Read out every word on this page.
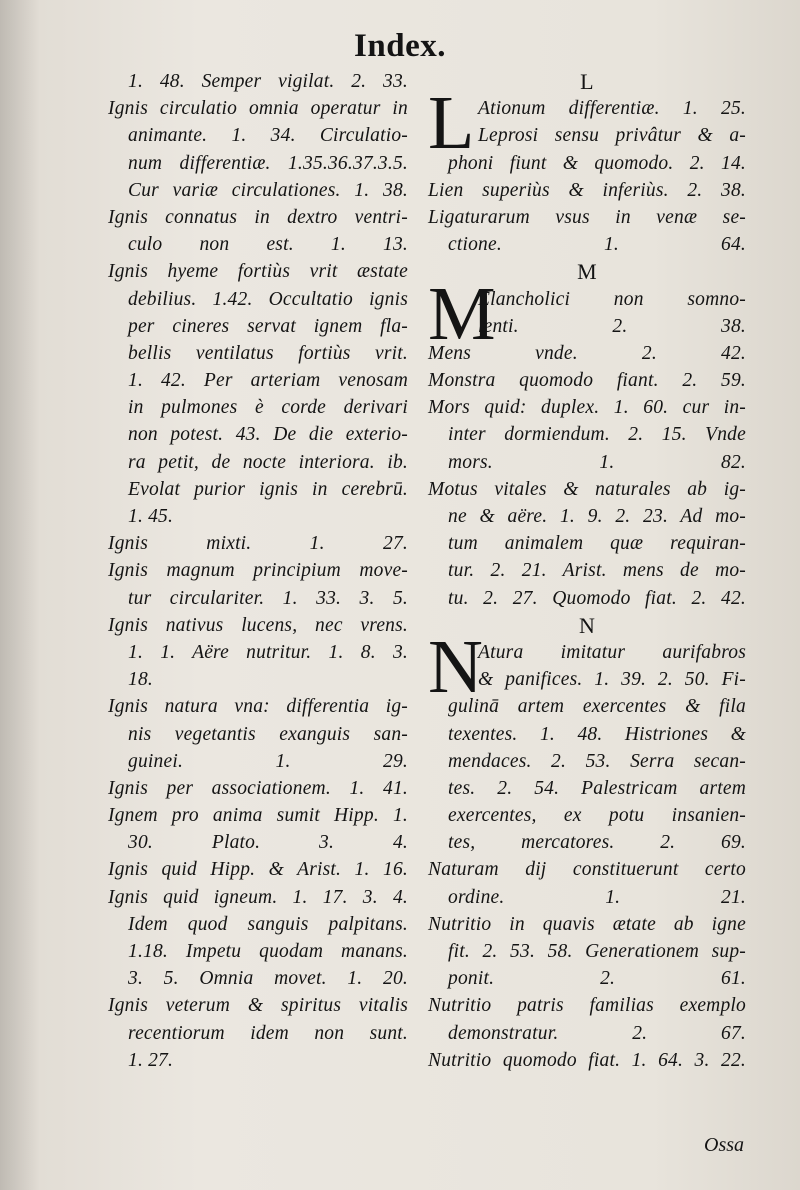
Index.
1. 48. Semper vigilat. 2. 33.
Ignis circulatio omnia operatur in
animante. 1. 34. Circulatio-
num differentiæ. 1.35.36.37.3.5.
Cur variæ circulationes. 1. 38.
Ignis connatus in dextro ventri-
culo non est. 1. 13.
Ignis hyeme fortiùs vrit æstate
debilius. 1.42. Occultatio ignis
per cineres servat ignem fla-
bellis ventilatus fortiùs vrit.
1. 42. Per arteriam venosam
in pulmones è corde derivari
non potest. 43. De die exterio-
ra petit, de nocte interiora. ib.
Evolat purior ignis in cerebrū.
1. 45.
Ignis mixti. 1. 27.
Ignis magnum principium move-
tur circulariter. 1. 33. 3. 5.
Ignis nativus lucens, nec vrens.
1. 1. Aëre nutritur. 1. 8. 3.
18.
Ignis natura vna: differentia ig-
nis vegetantis exanguis san-
guinei. 1. 29.
Ignis per associationem. 1. 41.
Ignem pro anima sumit Hipp. 1.
30. Plato. 3. 4.
Ignis quid Hipp. & Arist. 1. 16.
Ignis quid igneum. 1. 17. 3. 4.
Idem quod sanguis palpitans.
1.18. Impetu quodam manans.
3. 5. Omnia movet. 1. 20.
Ignis veterum & spiritus vitalis
recentiorum idem non sunt.
1. 27.
L
L Ationum differentiæ. 1. 25.
Leprosi sensu privâtur & a-
phoni fiunt & quomodo. 2. 14.
Lien superiùs & inferiùs. 2. 38.
Ligaturarum vsus in venæ se-
ctione. 1. 64.
M
M
Elancholici non somno-
lenti. 2. 38.
Mens vnde. 2. 42.
Monstra quomodo fiant. 2. 59.
Mors quid: duplex. 1. 60. cur in-
inter dormiendum. 2. 15. Vnde
mors. 1. 82.
Motus vitales & naturales ab ig-
ne & aëre. 1. 9. 2. 23. Ad mo-
tum animalem quæ requiran-
tur. 2. 21. Arist. mens de mo-
tu. 2. 27. Quomodo fiat. 2. 42.
N
N
Atura imitatur aurifabros
& panifices. 1. 39. 2. 50. Fi-
gulinā artem exercentes & fila
texentes. 1. 48. Histriones &
mendaces. 2. 53. Serra secan-
tes. 2. 54. Palestricam artem
exercentes, ex potu insanien-
tes, mercatores. 2. 69.
Naturam dij constituerunt certo
ordine. 1. 21.
Nutritio in quavis ætate ab igne
fit. 2. 53. 58. Generationem sup-
ponit. 2. 61.
Nutritio patris familias exemplo
demonstratur. 2. 67.
Nutritio quomodo fiat. 1. 64. 3. 22.
Ossa
